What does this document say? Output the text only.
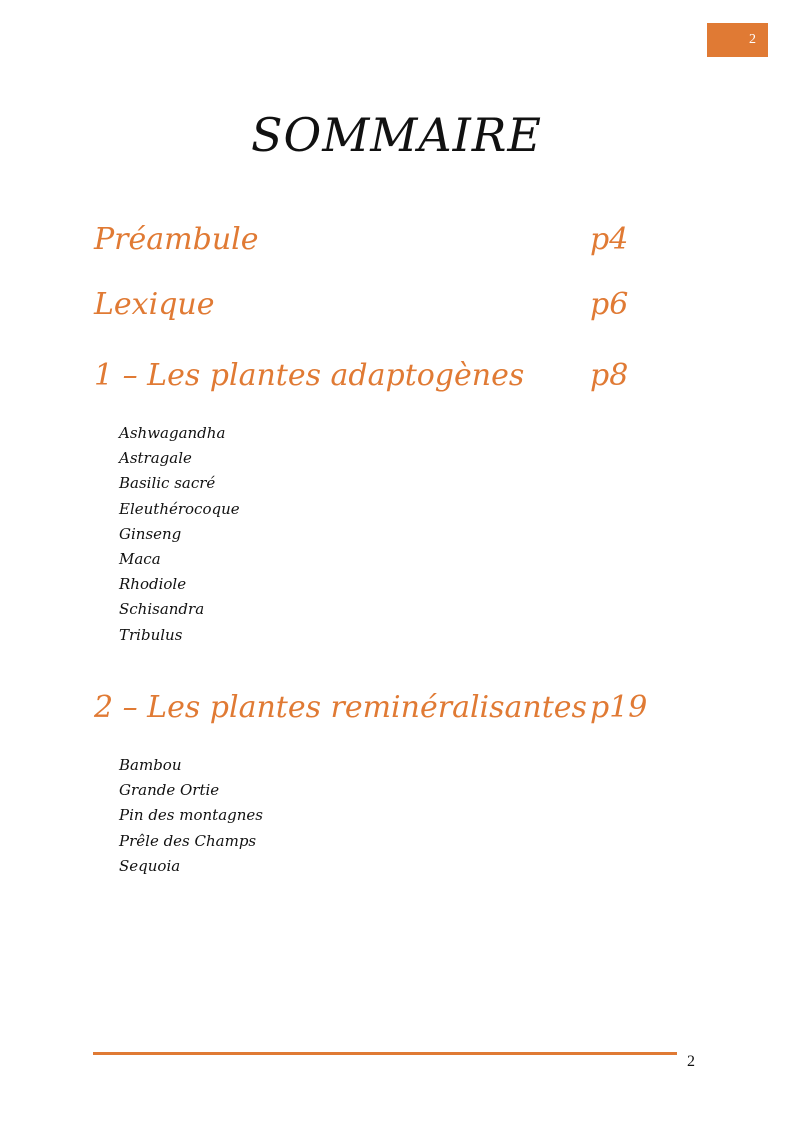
2
SOMMAIRE
Préambule	p4
Lexique	p6
1 – Les plantes adaptogènes p8
Ashwagandha
Astragale
Basilic sacré
Eleuthérocoque
Ginseng
Maca
Rhodiole
Schisandra
Tribulus
2 – Les plantes reminéralisantes p19
Bambou
Grande Ortie
Pin des montagnes
Prêle des Champs
Sequoia
2
